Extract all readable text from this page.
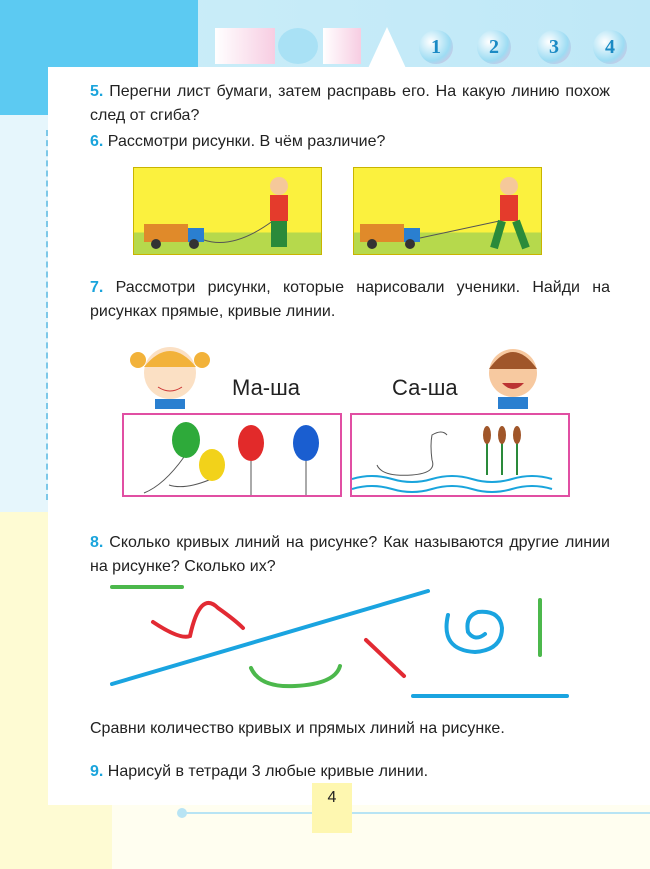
1	2	3	4
5. Перегни лист бумаги, затем расправь его. На какую линию похож след от сгиба?
6. Рассмотри рисунки. В чём различие?
7. Рассмотри рисунки, которые нарисовали ученики. Найди на рисунках прямые, кривые линии.
Ма-ша	Са-ша
8. Сколько кривых линий на рисунке? Как называются другие линии на рисунке? Сколько их?
Сравни количество кривых и прямых линий на рисунке.
9. Нарисуй в тетради 3 любые кривые линии.
4
